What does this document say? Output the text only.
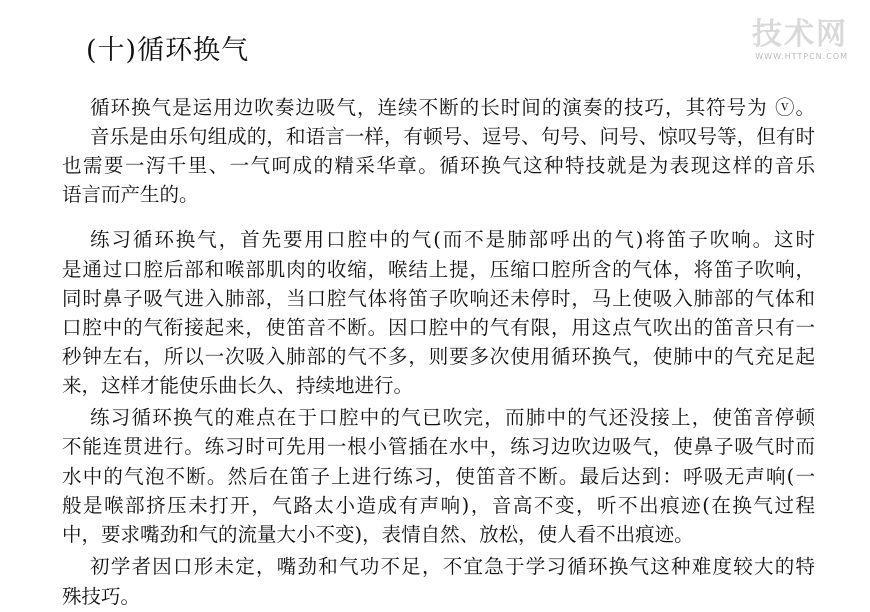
(十)循环换气
循环换气是运用边吹奏边吸气，连续不断的长时间的演奏的技巧，其符号为 ⓥ。
音乐是由乐句组成的，和语言一样，有顿号、逗号、句号、问号、惊叹号等，但有时
也需要一泻千里、一气呵成的精采华章。循环换气这种特技就是为表现这样的音乐
语言而产生的。
练习循环换气，首先要用口腔中的气(而不是肺部呼出的气)将笛子吹响。这时
是通过口腔后部和喉部肌肉的收缩，喉结上提，压缩口腔所含的气体，将笛子吹响，
同时鼻子吸气进入肺部，当口腔气体将笛子吹响还未停时，马上使吸入肺部的气体和
口腔中的气衔接起来，使笛音不断。因口腔中的气有限，用这点气吹出的笛音只有一
秒钟左右，所以一次吸入肺部的气不多，则要多次使用循环换气，使肺中的气充足起
来，这样才能使乐曲长久、持续地进行。
练习循环换气的难点在于口腔中的气已吹完，而肺中的气还没接上，使笛音停顿
不能连贯进行。练习时可先用一根小管插在水中，练习边吹边吸气，使鼻子吸气时而
水中的气泡不断。然后在笛子上进行练习，使笛音不断。最后达到：呼吸无声响(一
般是喉部挤压未打开，气路太小造成有声响)，音高不变，听不出痕迹(在换气过程
中，要求嘴劲和气的流量大小不变)，表情自然、放松，使人看不出痕迹。
初学者因口形未定，嘴劲和气功不足，不宜急于学习循环换气这种难度较大的特
殊技巧。
技术网
WWW.HTTPCN.COM
